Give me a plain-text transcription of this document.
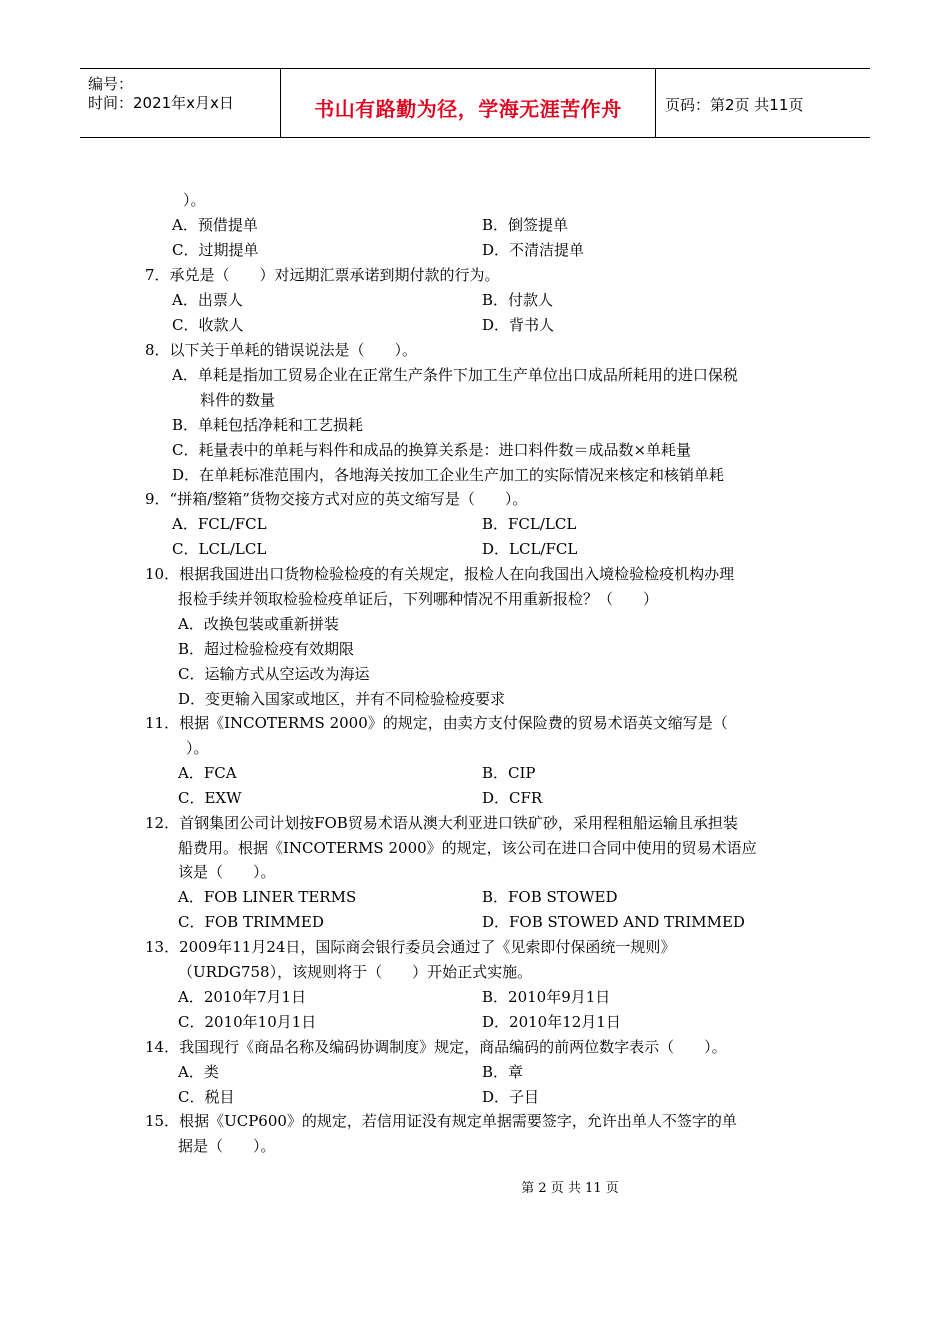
编号：
时间：2021年x月x日	书山有路勤为径，学海无涯苦作舟	页码：第2页 共11页
）。
A．预借提单	B．倒签提单
C．过期提单	D．不清洁提单
7．承兑是（　　）对远期汇票承诺到期付款的行为。
A．出票人	B．付款人
C．收款人	D．背书人
8．以下关于单耗的错误说法是（　　）。
A．单耗是指加工贸易企业在正常生产条件下加工生产单位出口成品所耗用的进口保税
料件的数量
B．单耗包括净耗和工艺损耗
C．耗量表中的单耗与料件和成品的换算关系是：进口料件数＝成品数×单耗量
D．在单耗标准范围内，各地海关按加工企业生产加工的实际情况来核定和核销单耗
9．“拼箱/整箱”货物交接方式对应的英文缩写是（　　）。
A．FCL/FCL	B．FCL/LCL
C．LCL/LCL	D．LCL/FCL
10．根据我国进出口货物检验检疫的有关规定，报检人在向我国出入境检验检疫机构办理
报检手续并领取检验检疫单证后，下列哪种情况不用重新报检？（　　）
A．改换包装或重新拼装
B．超过检验检疫有效期限
C．运输方式从空运改为海运
D．变更输入国家或地区，并有不同检验检疫要求
11．根据《INCOTERMS 2000》的规定，由卖方支付保险费的贸易术语英文缩写是（
）。
A．FCA	B．CIP
C．EXW	D．CFR
12．首钢集团公司计划按FOB贸易术语从澳大利亚进口铁矿砂，采用程租船运输且承担装
船费用。根据《INCOTERMS 2000》的规定，该公司在进口合同中使用的贸易术语应
该是（　　）。
A．FOB LINER TERMS	B．FOB STOWED
C．FOB TRIMMED	D．FOB STOWED AND TRIMMED
13．2009年11月24日，国际商会银行委员会通过了《见索即付保函统一规则》
（URDG758），该规则将于（　　）开始正式实施。
A．2010年7月1日	B．2010年9月1日
C．2010年10月1日	D．2010年12月1日
14．我国现行《商品名称及编码协调制度》规定，商品编码的前两位数字表示（　　）。
A．类	B．章
C．税目	D．子目
15．根据《UCP600》的规定，若信用证没有规定单据需要签字，允许出单人不签字的单
据是（　　）。
第 2 页 共 11 页
